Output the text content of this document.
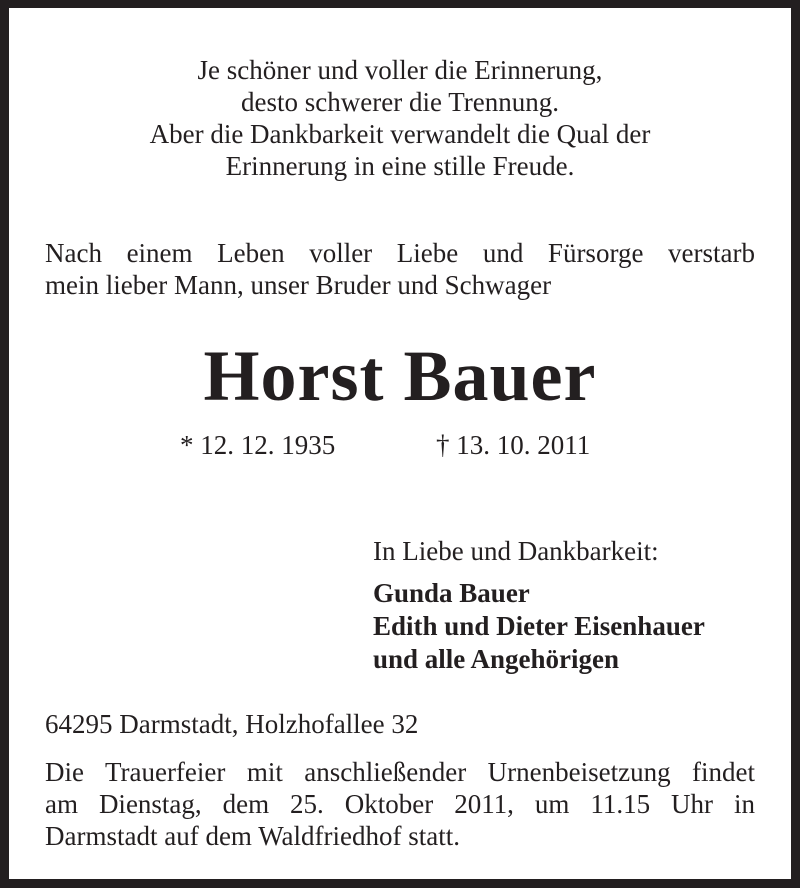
Je schöner und voller die Erinnerung,
desto schwerer die Trennung.
Aber die Dankbarkeit verwandelt die Qual der
Erinnerung in eine stille Freude.
Nach einem Leben voller Liebe und Fürsorge verstarb
mein lieber Mann, unser Bruder und Schwager
Horst Bauer
* 12. 12. 1935	† 13. 10. 2011
In Liebe und Dankbarkeit:
Gunda Bauer
Edith und Dieter Eisenhauer
und alle Angehörigen
64295 Darmstadt, Holzhofallee 32
Die Trauerfeier mit anschließender Urnenbeisetzung findet
am Dienstag, dem 25. Oktober 2011, um 11.15 Uhr in
Darmstadt auf dem Waldfriedhof statt.
